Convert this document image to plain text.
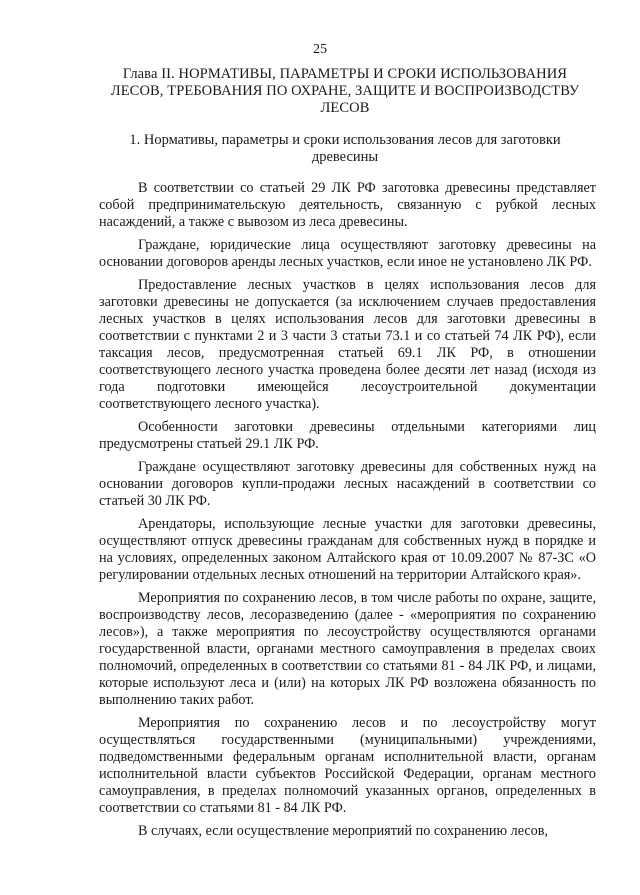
25
Глава II. НОРМАТИВЫ, ПАРАМЕТРЫ И СРОКИ ИСПОЛЬЗОВАНИЯ ЛЕСОВ, ТРЕБОВАНИЯ ПО ОХРАНЕ, ЗАЩИТЕ И ВОСПРОИЗВОДСТВУ ЛЕСОВ
1. Нормативы, параметры и сроки использования лесов для заготовки древесины

В соответствии со статьей 29 ЛК РФ заготовка древесины представляет собой предпринимательскую деятельность, связанную с рубкой лесных насаждений, а также с вывозом из леса древесины.

Граждане, юридические лица осуществляют заготовку древесины на основании договоров аренды лесных участков, если иное не установлено ЛК РФ.

Предоставление лесных участков в целях использования лесов для заготовки древесины не допускается (за исключением случаев предоставления лесных участков в целях использования лесов для заготовки древесины в соответствии с пунктами 2 и 3 части 3 статьи 73.1 и со статьей 74 ЛК РФ), если таксация лесов, предусмотренная статьей 69.1 ЛК РФ, в отношении соответствующего лесного участка проведена более десяти лет назад (исходя из года подготовки имеющейся лесоустроительной документации соответствующего лесного участка).

Особенности заготовки древесины отдельными категориями лиц предусмотрены статьей 29.1 ЛК РФ.

Граждане осуществляют заготовку древесины для собственных нужд на основании договоров купли-продажи лесных насаждений в соответствии со статьей 30 ЛК РФ.

Арендаторы, использующие лесные участки для заготовки древесины, осуществляют отпуск древесины гражданам для собственных нужд в порядке и на условиях, определенных законом Алтайского края от 10.09.2007 № 87-ЗС «О регулировании отдельных лесных отношений на территории Алтайского края».

Мероприятия по сохранению лесов, в том числе работы по охране, защите, воспроизводству лесов, лесоразведению (далее - «мероприятия по сохранению лесов»), а также мероприятия по лесоустройству осуществляются органами государственной власти, органами местного самоуправления в пределах своих полномочий, определенных в соответствии со статьями 81 - 84 ЛК РФ, и лицами, которые используют леса и (или) на которых ЛК РФ возложена обязанность по выполнению таких работ.

Мероприятия по сохранению лесов и по лесоустройству могут осуществляться государственными (муниципальными) учреждениями, подведомственными федеральным органам исполнительной власти, органам исполнительной власти субъектов Российской Федерации, органам местного самоуправления, в пределах полномочий указанных органов, определенных в соответствии со статьями 81 - 84 ЛК РФ.

В случаях, если осуществление мероприятий по сохранению лесов,
